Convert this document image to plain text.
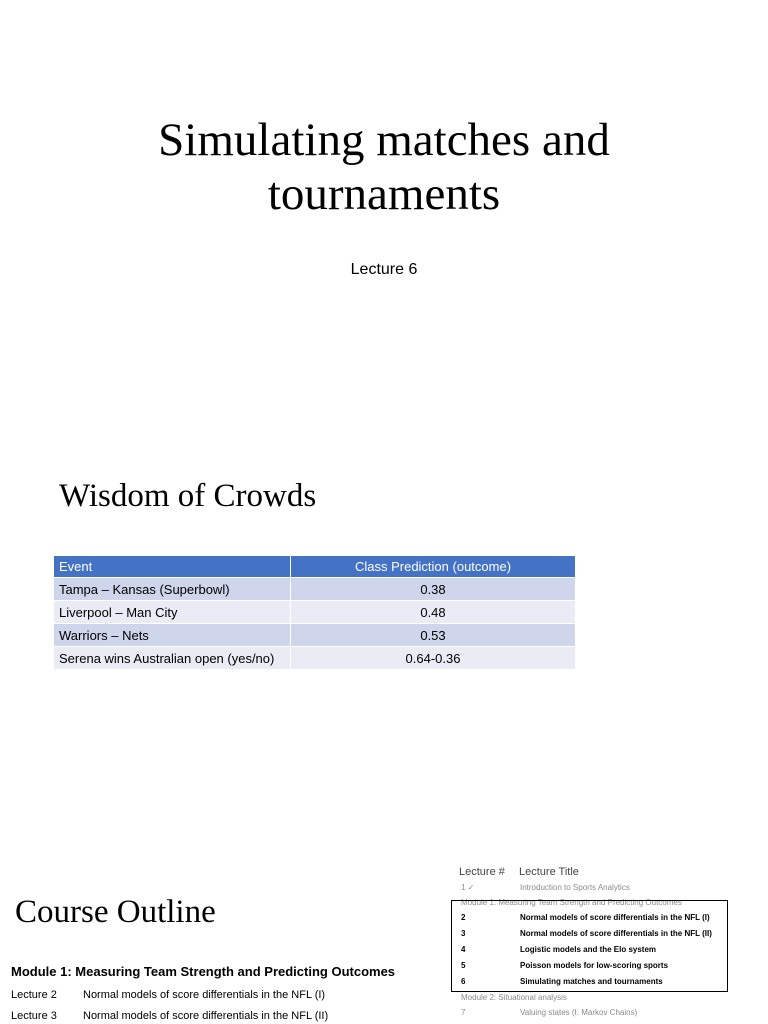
Simulating matches and
tournaments
Lecture 6
Wisdom of Crowds
Event	Class Prediction (outcome)
Tampa – Kansas (Superbowl)	0.38
Liverpool – Man City	0.48
Warriors – Nets	0.53
Serena wins Australian open (yes/no)	0.64-0.36
Course Outline
Module 1: Measuring Team Strength and Predicting Outcomes
Lecture 2 Normal models of score differentials in the NFL (I)
Lecture 3 Normal models of score differentials in the NFL (II)
Lecture # Lecture Title
1 ✓	Introduction to Sports Analytics
Module 1: Measuring Team Strength and Predicting Outcomes
2	Normal models of score differentials in the NFL (I)
3	Normal models of score differentials in the NFL (II)
4	Logistic models and the Elo system
5	Poisson models for low-scoring sports
6	Simulating matches and tournaments
Module 2: Situational analysis
7	Valuing states (I. Markov Chains)
